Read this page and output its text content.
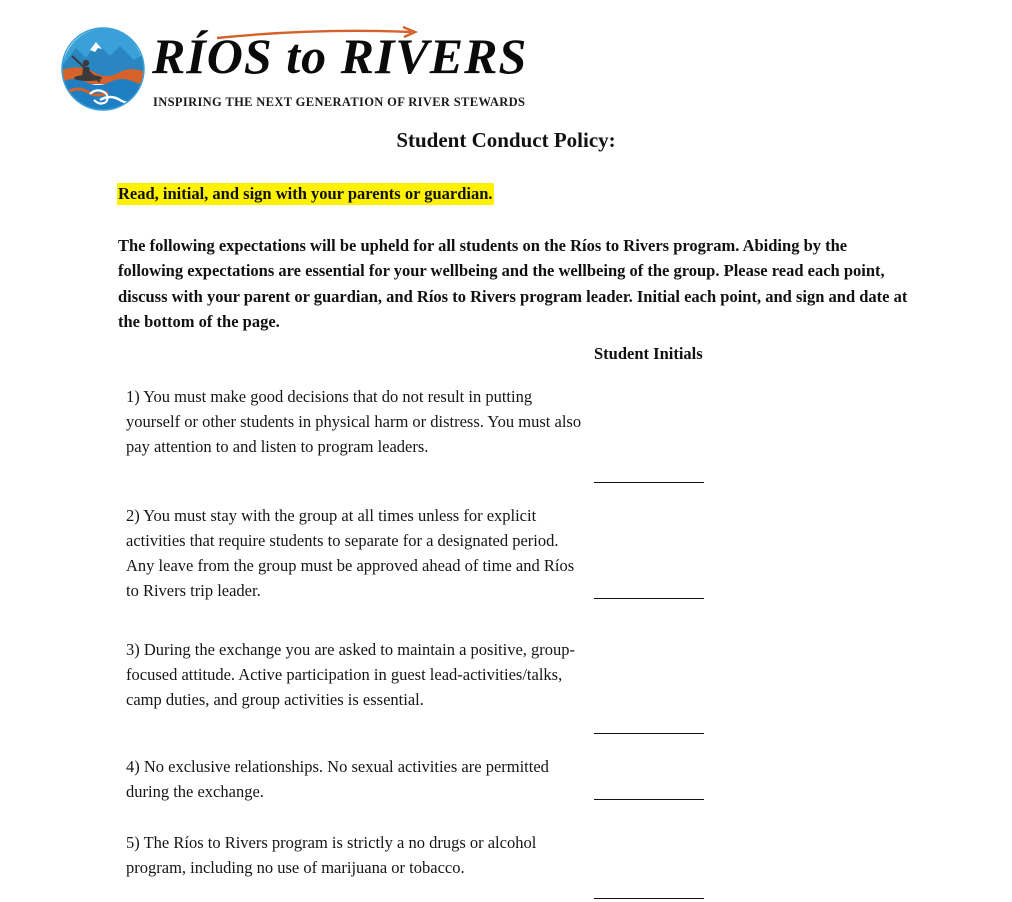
RÍOS to RIVERS
INSPIRING THE NEXT GENERATION OF RIVER STEWARDS
Student Conduct Policy:
Read, initial, and sign with your parents or guardian.
The following expectations will be upheld for all students on the Ríos to Rivers program. Abiding by the following expectations are essential for your wellbeing and the wellbeing of the group. Please read each point, discuss with your parent or guardian, and Ríos to Rivers program leader. Initial each point, and sign and date at the bottom of the page.
Student Initials
1) You must make good decisions that do not result in putting yourself or other students in physical harm or distress. You must also pay attention to and listen to program leaders.
2) You must stay with the group at all times unless for explicit activities that require students to separate for a designated period. Any leave from the group must be approved ahead of time and Ríos to Rivers trip leader.
3) During the exchange you are asked to maintain a positive, group-focused attitude. Active participation in guest lead-activities/talks, camp duties, and group activities is essential.
4) No exclusive relationships. No sexual activities are permitted during the exchange.
5) The Ríos to Rivers program is strictly a no drugs or alcohol program, including no use of marijuana or tobacco.
